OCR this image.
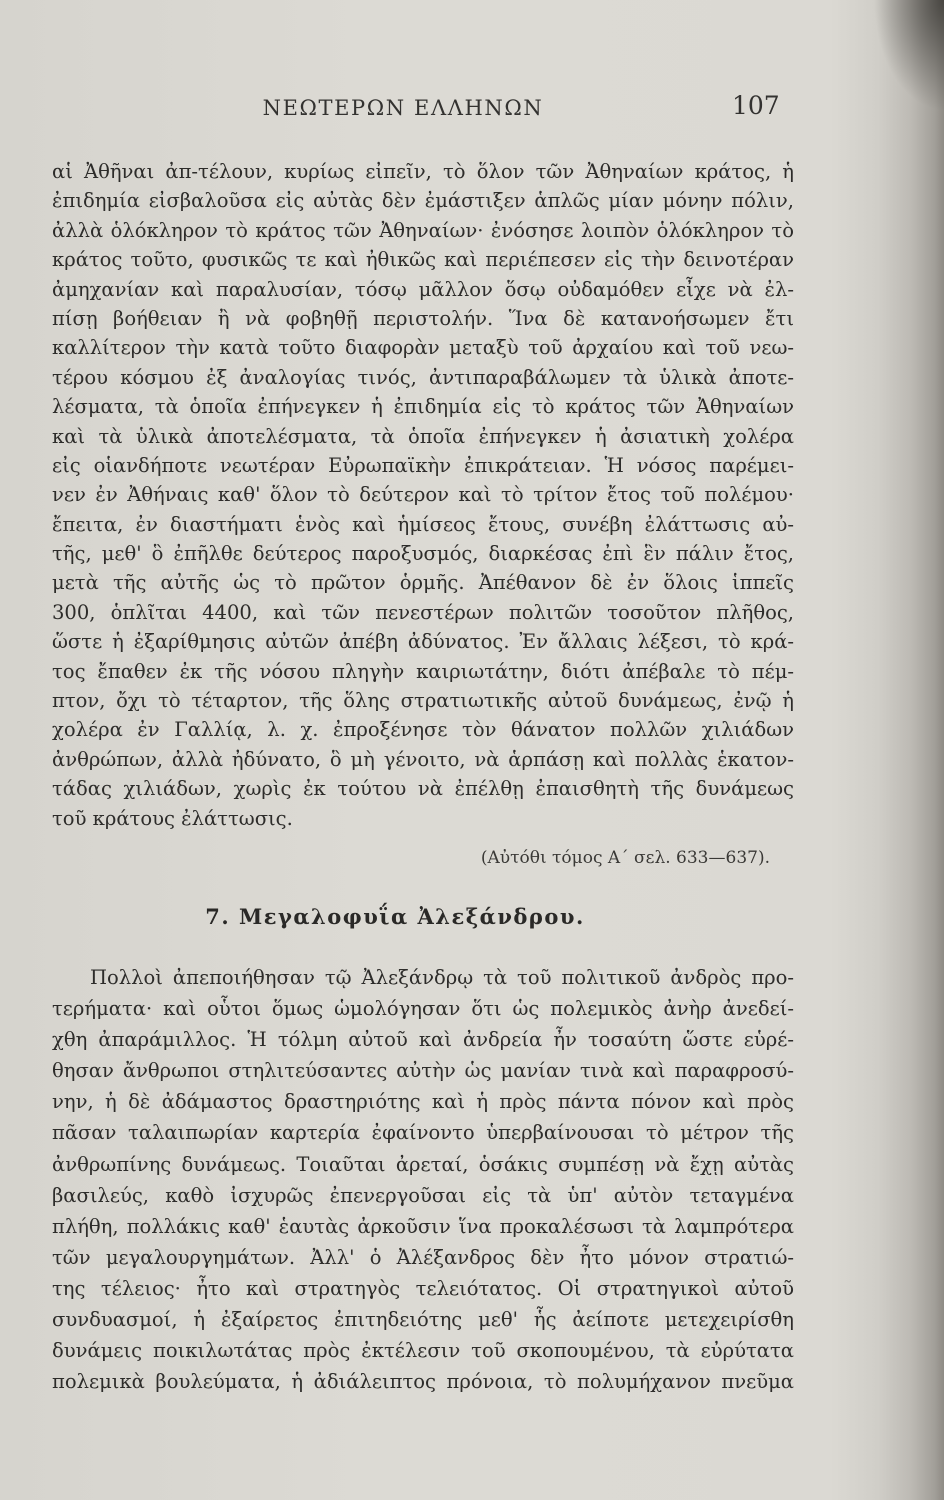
ΝΕΩΤΕΡΩΝ ΕΛΛΗΝΩΝ	107
αἱ Ἀθῆναι ἀπ-τέλουν, κυρίως εἰπεῖν, τὸ ὅλον τῶν Ἀθηναίων κράτος, ἡ
ἐπιδημία εἰσβαλοῦσα εἰς αὐτὰς δὲν ἐμάστιξεν ἁπλῶς μίαν μόνην πόλιν,
ἀλλὰ ὁλόκληρον τὸ κράτος τῶν Ἀθηναίων· ἐνόσησε λοιπὸν ὁλόκληρον τὸ
κράτος τοῦτο, φυσικῶς τε καὶ ἠθικῶς καὶ περιέπεσεν εἰς τὴν δεινοτέραν
ἀμηχανίαν καὶ παραλυσίαν, τόσῳ μᾶλλον ὅσῳ οὐδαμόθεν εἶχε νὰ ἐλ-
πίσῃ βοήθειαν ἢ νὰ φοβηθῇ περιστολήν. Ἵνα δὲ κατανοήσωμεν ἔτι
καλλίτερον τὴν κατὰ τοῦτο διαφορὰν μεταξὺ τοῦ ἀρχαίου καὶ τοῦ νεω-
τέρου κόσμου ἐξ ἀναλογίας τινός, ἀντιπαραβάλωμεν τὰ ὑλικὰ ἀποτε-
λέσματα, τὰ ὁποῖα ἐπήνεγκεν ἡ ἐπιδημία εἰς τὸ κράτος τῶν Ἀθηναίων
καὶ τὰ ὑλικὰ ἀποτελέσματα, τὰ ὁποῖα ἐπήνεγκεν ἡ ἀσιατικὴ χολέρα
εἰς οἱανδήποτε νεωτέραν Εὐρωπαϊκὴν ἐπικράτειαν. Ἡ νόσος παρέμει-
νεν ἐν Ἀθήναις καθ' ὅλον τὸ δεύτερον καὶ τὸ τρίτον ἔτος τοῦ πολέμου·
ἔπειτα, ἐν διαστήματι ἑνὸς καὶ ἡμίσεος ἔτους, συνέβη ἐλάττωσις αὐ-
τῆς, μεθ' ὃ ἐπῆλθε δεύτερος παροξυσμός, διαρκέσας ἐπὶ ἓν πάλιν ἔτος,
μετὰ τῆς αὐτῆς ὡς τὸ πρῶτον ὁρμῆς. Ἀπέθανον δὲ ἐν ὅλοις ἱππεῖς
300, ὁπλῖται 4400, καὶ τῶν πενεστέρων πολιτῶν τοσοῦτον πλῆθος,
ὥστε ἡ ἐξαρίθμησις αὐτῶν ἀπέβη ἀδύνατος. Ἐν ἄλλαις λέξεσι, τὸ κρά-
τος ἔπαθεν ἐκ τῆς νόσου πληγὴν καιριωτάτην, διότι ἀπέβαλε τὸ πέμ-
πτον, ὄχι τὸ τέταρτον, τῆς ὅλης στρατιωτικῆς αὐτοῦ δυνάμεως, ἐνῷ ἡ
χολέρα ἐν Γαλλίᾳ, λ. χ. ἐπροξένησε τὸν θάνατον πολλῶν χιλιάδων
ἀνθρώπων, ἀλλὰ ἠδύνατο, ὃ μὴ γένοιτο, νὰ ἁρπάσῃ καὶ πολλὰς ἑκατον-
τάδας χιλιάδων, χωρὶς ἐκ τούτου νὰ ἐπέλθῃ ἐπαισθητὴ τῆς δυνάμεως
τοῦ κράτους ἐλάττωσις.
(Αὐτόθι τόμος Α΄ σελ. 633—637).
7. Μεγαλοφυΐα Ἀλεξάνδρου.
Πολλοὶ ἀπεποιήθησαν τῷ Ἀλεξάνδρῳ τὰ τοῦ πολιτικοῦ ἀνδρὸς προ-
τερήματα· καὶ οὗτοι ὅμως ὡμολόγησαν ὅτι ὡς πολεμικὸς ἀνὴρ ἀνεδεί-
χθη ἀπαράμιλλος. Ἡ τόλμη αὐτοῦ καὶ ἀνδρεία ἦν τοσαύτη ὥστε εὑρέ-
θησαν ἄνθρωποι στηλιτεύσαντες αὐτὴν ὡς μανίαν τινὰ καὶ παραφροσύ-
νην, ἡ δὲ ἀδάμαστος δραστηριότης καὶ ἡ πρὸς πάντα πόνον καὶ πρὸς
πᾶσαν ταλαιπωρίαν καρτερία ἐφαίνοντο ὑπερβαίνουσαι τὸ μέτρον τῆς
ἀνθρωπίνης δυνάμεως. Τοιαῦται ἀρεταί, ὁσάκις συμπέσῃ νὰ ἔχῃ αὐτὰς
βασιλεύς, καθὸ ἰσχυρῶς ἐπενεργοῦσαι εἰς τὰ ὑπ' αὐτὸν τεταγμένα
πλήθη, πολλάκις καθ' ἑαυτὰς ἀρκοῦσιν ἵνα προκαλέσωσι τὰ λαμπρότερα
τῶν μεγαλουργημάτων. Ἀλλ' ὁ Ἀλέξανδρος δὲν ἦτο μόνον στρατιώ-
της τέλειος· ἦτο καὶ στρατηγὸς τελειότατος. Οἱ στρατηγικοὶ αὐτοῦ
συνδυασμοί, ἡ ἐξαίρετος ἐπιτηδειότης μεθ' ἧς ἀείποτε μετεχειρίσθη
δυνάμεις ποικιλωτάτας πρὸς ἐκτέλεσιν τοῦ σκοπουμένου, τὰ εὐρύτατα
πολεμικὰ βουλεύματα, ἡ ἀδιάλειπτος πρόνοια, τὸ πολυμήχανον πνεῦμα
